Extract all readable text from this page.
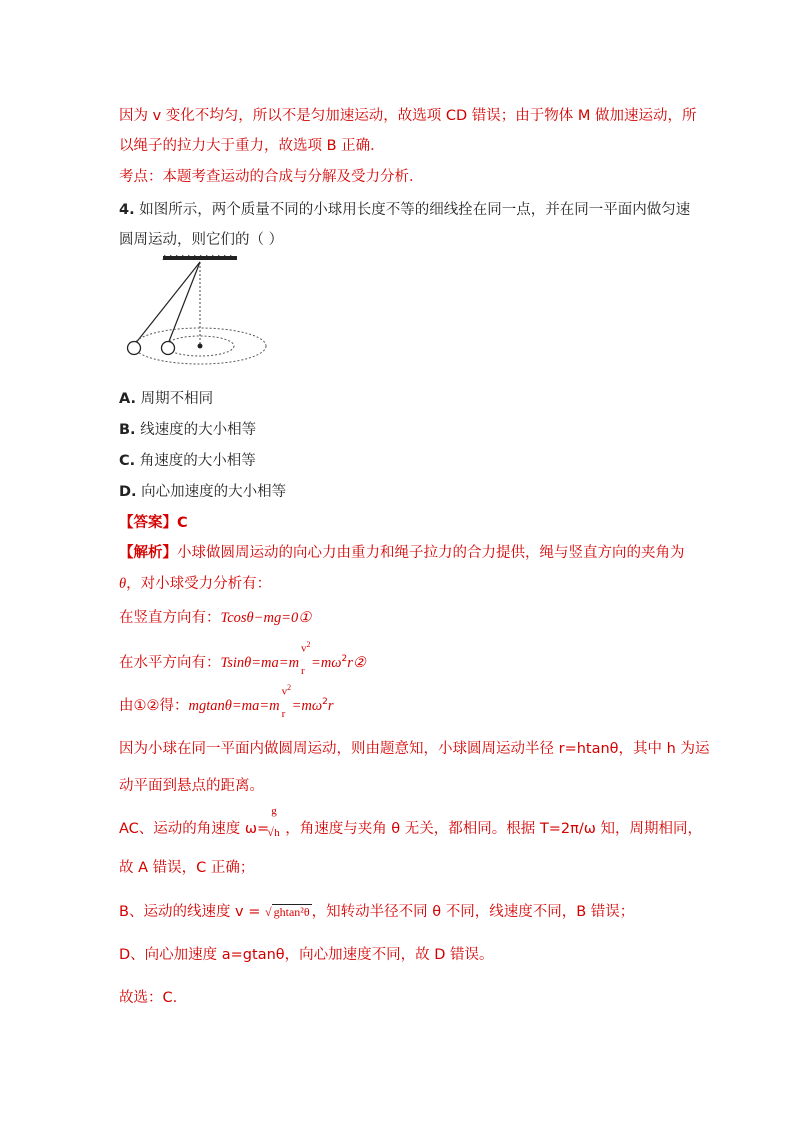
因为 v 变化不均匀，所以不是匀加速运动，故选项 CD 错误；由于物体 M 做加速运动，所
以绳子的拉力大于重力，故选项 B 正确．
考点：本题考查运动的合成与分解及受力分析．
4. 如图所示，两个质量不同的小球用长度不等的细线拴在同一点，并在同一平面内做匀速
圆周运动，则它们的（ ）
A. 周期不相同
B. 线速度的大小相等
C. 角速度的大小相等
D. 向心加速度的大小相等
【答案】C
【解析】小球做圆周运动的向心力由重力和绳子拉力的合力提供，绳与竖直方向的夹角为
θ，对小球受力分析有：
在竖直方向有：Tcosθ−mg=0①
在水平方向有：Tsinθ=ma=m
$v^2$
$r =m\omega^2r②$
由①②得：mgtanθ=ma=m
$v^2$
$r =m\omega^2r$
因为小球在同一平面内做圆周运动，则由题意知，小球圆周运动半径 r=htanθ，其中 h 为运
动平面到悬点的距离。
AC、运动的角速度 ω=
g
√ h ，角速度与夹角 θ 无关，都相同。根据 T=2π/ω 知，周期相同，
故 A 错误，C 正确；
B、运动的线速度 v = √ ghtan²θ ，知转动半径不同 θ 不同，线速度不同，B 错误；
D、向心加速度 a=gtanθ，向心加速度不同，故 D 错误。
故选：C.
